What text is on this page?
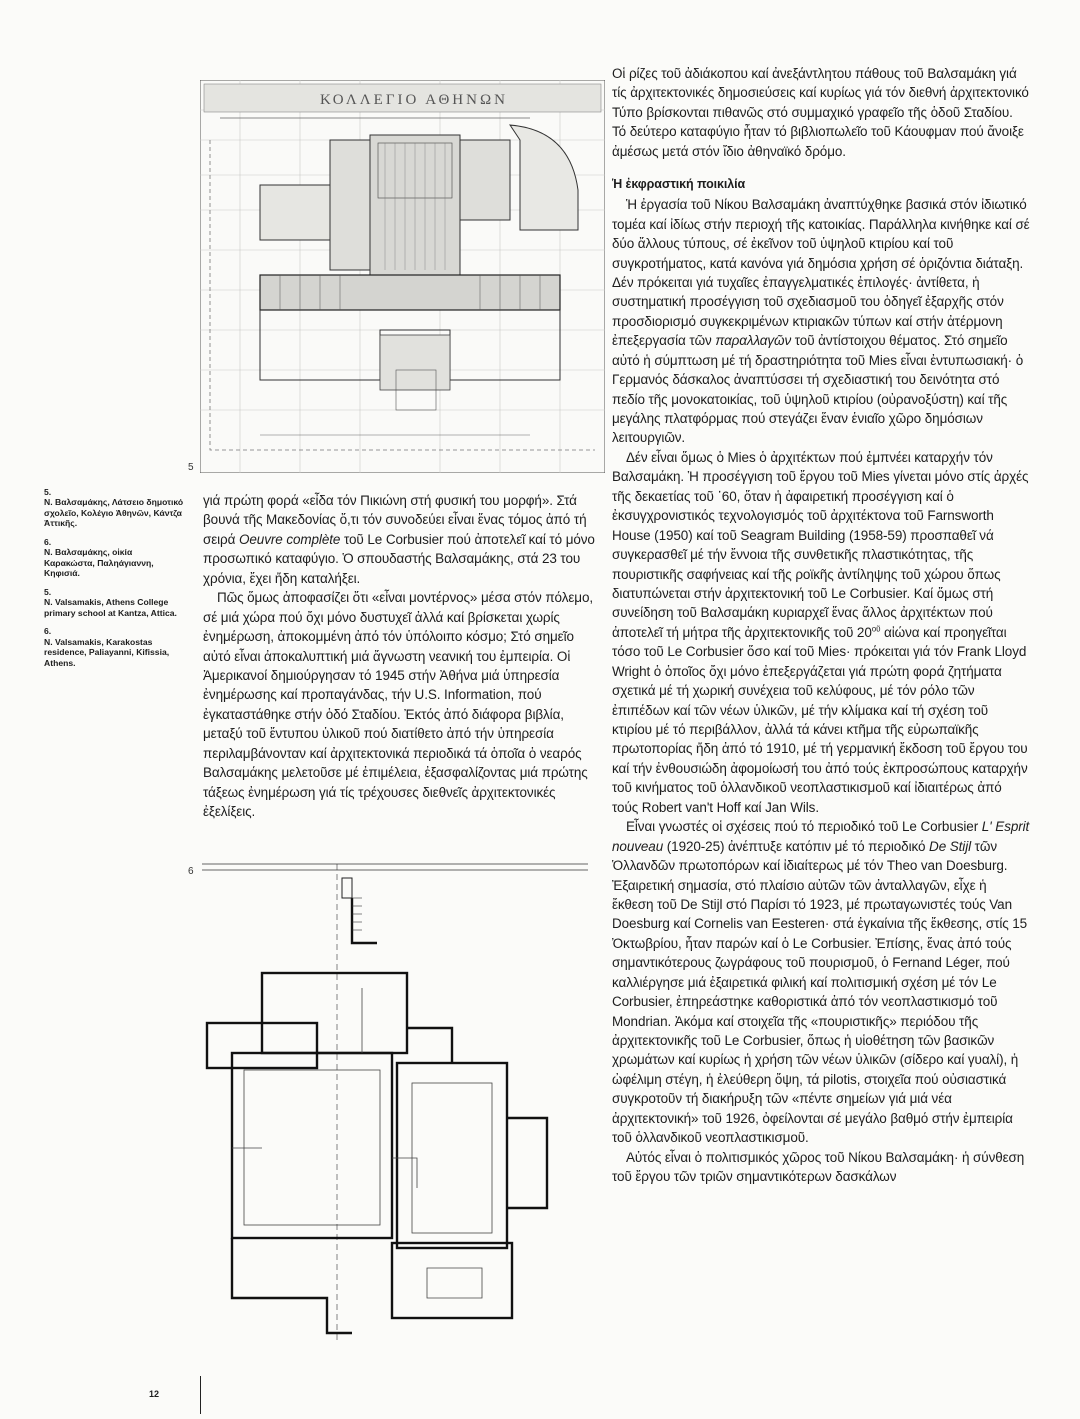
ΚΟΛΛΕΓΙΟ ΑΘΗΝΩΝ
5
5.
Ν. Βαλσαμάκης, Λάτσειο δημοτικό σχολεῖο, Κολέγιο Ἀθηνῶν, Κάντζα Ἀττικῆς.
6.
Ν. Βαλσαμάκης, οἰκία Καρακώστα, Παληάγιαννη, Κηφισιά.
5.
N. Valsamakis, Athens College primary school at Kantza, Attica.
6.
N. Valsamakis, Karakostas residence, Paliayanni, Kifissia, Athens.

γιά πρώτη φορά «εἶδα τόν Πικιώνη στή φυσική του μορφή». Στά βουνά τῆς Μακεδονίας ὅ,τι τόν συνοδεύει εἶναι ἕνας τόμος ἀπό τή σειρά Oeuvre complète τοῦ Le Corbusier πού ἀποτελεῖ καί τό μόνο προσωπικό καταφύγιο. Ὁ σπουδαστής Βαλσαμάκης, στά 23 του χρόνια, ἔχει ἤδη καταλήξει.

Πῶς ὅμως ἀποφασίζει ὅτι «εἶναι μοντέρνος» μέσα στόν πόλεμο, σέ μιά χώρα πού ὄχι μόνο δυστυχεῖ ἀλλά καί βρίσκεται χωρίς ἐνημέρωση, ἀποκομμένη ἀπό τόν ὑπόλοιπο κόσμο; Στό σημεῖο αὐτό εἶναι ἀποκαλυπτική μιά ἄγνωστη νεανική του ἐμπειρία. Οἱ Ἀμερικανοί δημιούργησαν τό 1945 στήν Ἀθήνα μιά ὑπηρεσία ἐνημέρωσης καί προπαγάνδας, τήν U.S. Information, πού ἐγκαταστάθηκε στήν ὁδό Σταδίου. Ἐκτός ἀπό διάφορα βιβλία, μεταξύ τοῦ ἔντυπου ὑλικοῦ πού διατίθετο ἀπό τήν ὑπηρεσία περιλαμβάνονταν καί ἀρχιτεκτονικά περιοδικά τά ὁποῖα ὁ νεαρός Βαλσαμάκης μελετοῦσε μέ ἐπιμέλεια, ἐξασφαλίζοντας μιά πρώτης τάξεως ἐνημέρωση γιά τίς τρέχουσες διεθνεῖς ἀρχιτεκτονικές ἐξελίξεις.

6

Οἱ ρίζες τοῦ ἀδιάκοπου καί ἀνεξάντλητου πάθους τοῦ Βαλσαμάκη γιά τίς ἀρχιτεκτονικές δημοσιεύσεις καί κυρίως γιά τόν διεθνή ἀρχιτεκτονικό Τύπο βρίσκονται πιθανῶς στό συμμαχικό γραφεῖο τῆς ὁδοῦ Σταδίου. Τό δεύτερο καταφύγιο ἦταν τό βιβλιοπωλεῖο τοῦ Κάουφμαν πού ἄνοιξε ἀμέσως μετά στόν ἴδιο ἀθηναϊκό δρόμο.

Ἡ ἐκφραστική ποικιλία

Ἡ ἐργασία τοῦ Νίκου Βαλσαμάκη ἀναπτύχθηκε βασικά στόν ἰδιωτικό τομέα καί ἰδίως στήν περιοχή τῆς κατοικίας. Παράλληλα κινήθηκε καί σέ δύο ἄλλους τύπους, σέ ἐκεῖνον τοῦ ὑψηλοῦ κτιρίου καί τοῦ συγκροτήματος, κατά κανόνα γιά δημόσια χρήση σέ ὁριζόντια διάταξη. Δέν πρόκειται γιά τυχαῖες ἐπαγγελματικές ἐπιλογές· ἀντίθετα, ἡ συστηματική προσέγγιση τοῦ σχεδιασμοῦ του ὁδηγεῖ ἐξαρχῆς στόν προσδιορισμό συγκεκριμένων κτιριακῶν τύπων καί στήν ἀτέρμονη ἐπεξεργασία τῶν παραλλαγῶν τοῦ ἀντίστοιχου θέματος. Στό σημεῖο αὐτό ἡ σύμπτωση μέ τή δραστηριότητα τοῦ Mies εἶναι ἐντυπωσιακή· ὁ Γερμανός δάσκαλος ἀναπτύσσει τή σχεδιαστική του δεινότητα στό πεδίο τῆς μονοκατοικίας, τοῦ ὑψηλοῦ κτιρίου (οὐρανοξύστη) καί τῆς μεγάλης πλατφόρμας πού στεγάζει ἕναν ἑνιαῖο χῶρο δημόσιων λειτουργιῶν.

Δέν εἶναι ὅμως ὁ Mies ὁ ἀρχιτέκτων πού ἐμπνέει καταρχήν τόν Βαλσαμάκη. Ἡ προσέγγιση τοῦ ἔργου τοῦ Mies γίνεται μόνο στίς ἀρχές τῆς δεκαετίας τοῦ ᾽60, ὅταν ἡ ἀφαιρετική προσέγγιση καί ὁ ἐκσυγχρονιστικός τεχνολογισμός τοῦ ἀρχιτέκτονα τοῦ Farnsworth House (1950) καί τοῦ Seagram Building (1958-59) προσπαθεῖ νά συγκερασθεῖ μέ τήν ἔννοια τῆς συνθετικῆς πλαστικότητας, τῆς πουριστικῆς σαφήνειας καί τῆς ροϊκῆς ἀντίληψης τοῦ χώρου ὅπως διατυπώνεται στήν ἀρχιτεκτονική τοῦ Le Corbusier. Καί ὅμως στή συνείδηση τοῦ Βαλσαμάκη κυριαρχεῖ ἕνας ἄλλος ἀρχιτέκτων πού ἀποτελεῖ τή μήτρα τῆς ἀρχιτεκτονικῆς τοῦ $20^{oῦ}$ αἰώνα καί προηγεῖται τόσο τοῦ Le Corbusier ὅσο καί τοῦ Mies· πρόκειται γιά τόν Frank Lloyd Wright ὁ ὁποῖος ὄχι μόνο ἐπεξεργάζεται γιά πρώτη φορά ζητήματα σχετικά μέ τή χωρική συνέχεια τοῦ κελύφους, μέ τόν ρόλο τῶν ἐπιπέδων καί τῶν νέων ὑλικῶν, μέ τήν κλίμακα καί τή σχέση τοῦ κτιρίου μέ τό περιβάλλον, ἀλλά τά κάνει κτῆμα τῆς εὐρωπαϊκῆς πρωτοπορίας ἤδη ἀπό τό 1910, μέ τή γερμανική ἔκδοση τοῦ ἔργου του καί τήν ἐνθουσιώδη ἀφομοίωσή του ἀπό τούς ἐκπροσώπους καταρχήν τοῦ κινήματος τοῦ ὁλλανδικοῦ νεοπλαστικισμοῦ καί ἰδιαιτέρως ἀπό τούς Robert van't Hoff καί Jan Wils.

Εἶναι γνωστές οἱ σχέσεις πού τό περιοδικό τοῦ Le Corbusier L' Esprit nouveau (1920-25) ἀνέπτυξε κατόπιν μέ τό περιοδικό De Stijl τῶν Ὁλλανδῶν πρωτοπόρων καί ἰδιαίτερως μέ τόν Theo van Doesburg. Ἐξαιρετική σημασία, στό πλαίσιο αὐτῶν τῶν ἀνταλλαγῶν, εἶχε ἡ ἔκθεση τοῦ De Stijl στό Παρίσι τό 1923, μέ πρωταγωνιστές τούς Van Doesburg καί Cornelis van Eesteren· στά ἐγκαίνια τῆς ἔκθεσης, στίς 15 Ὀκτωβρίου, ἦταν παρών καί ὁ Le Corbusier. Ἐπίσης, ἕνας ἀπό τούς σημαντικότερους ζωγράφους τοῦ πουρισμοῦ, ὁ Fernand Léger, πού καλλιέργησε μιά ἐξαιρετικά φιλική καί πολιτισμική σχέση μέ τόν Le Corbusier, ἐπηρεάστηκε καθοριστικά ἀπό τόν νεοπλαστικισμό τοῦ Mondrian. Ἀκόμα καί στοιχεῖα τῆς «πουριστικῆς» περιόδου τῆς ἀρχιτεκτονικῆς τοῦ Le Corbusier, ὅπως ἡ υἱοθέτηση τῶν βασικῶν χρωμάτων καί κυρίως ἡ χρήση τῶν νέων ὑλικῶν (σίδερο καί γυαλί), ἡ ὠφέλιμη στέγη, ἡ ἐλεύθερη ὄψη, τά pilotis, στοιχεῖα πού οὐσιαστικά συγκροτοῦν τή διακήρυξη τῶν «πέντε σημείων γιά μιά νέα ἀρχιτεκτονική» τοῦ 1926, ὀφείλονται σέ μεγάλο βαθμό στήν ἐμπειρία τοῦ ὁλλανδικοῦ νεοπλαστικισμοῦ.

Αὐτός εἶναι ὁ πολιτισμικός χῶρος τοῦ Νίκου Βαλσαμάκη· ἡ σύνθεση τοῦ ἔργου τῶν τριῶν σημαντικότερων δασκάλων

12
